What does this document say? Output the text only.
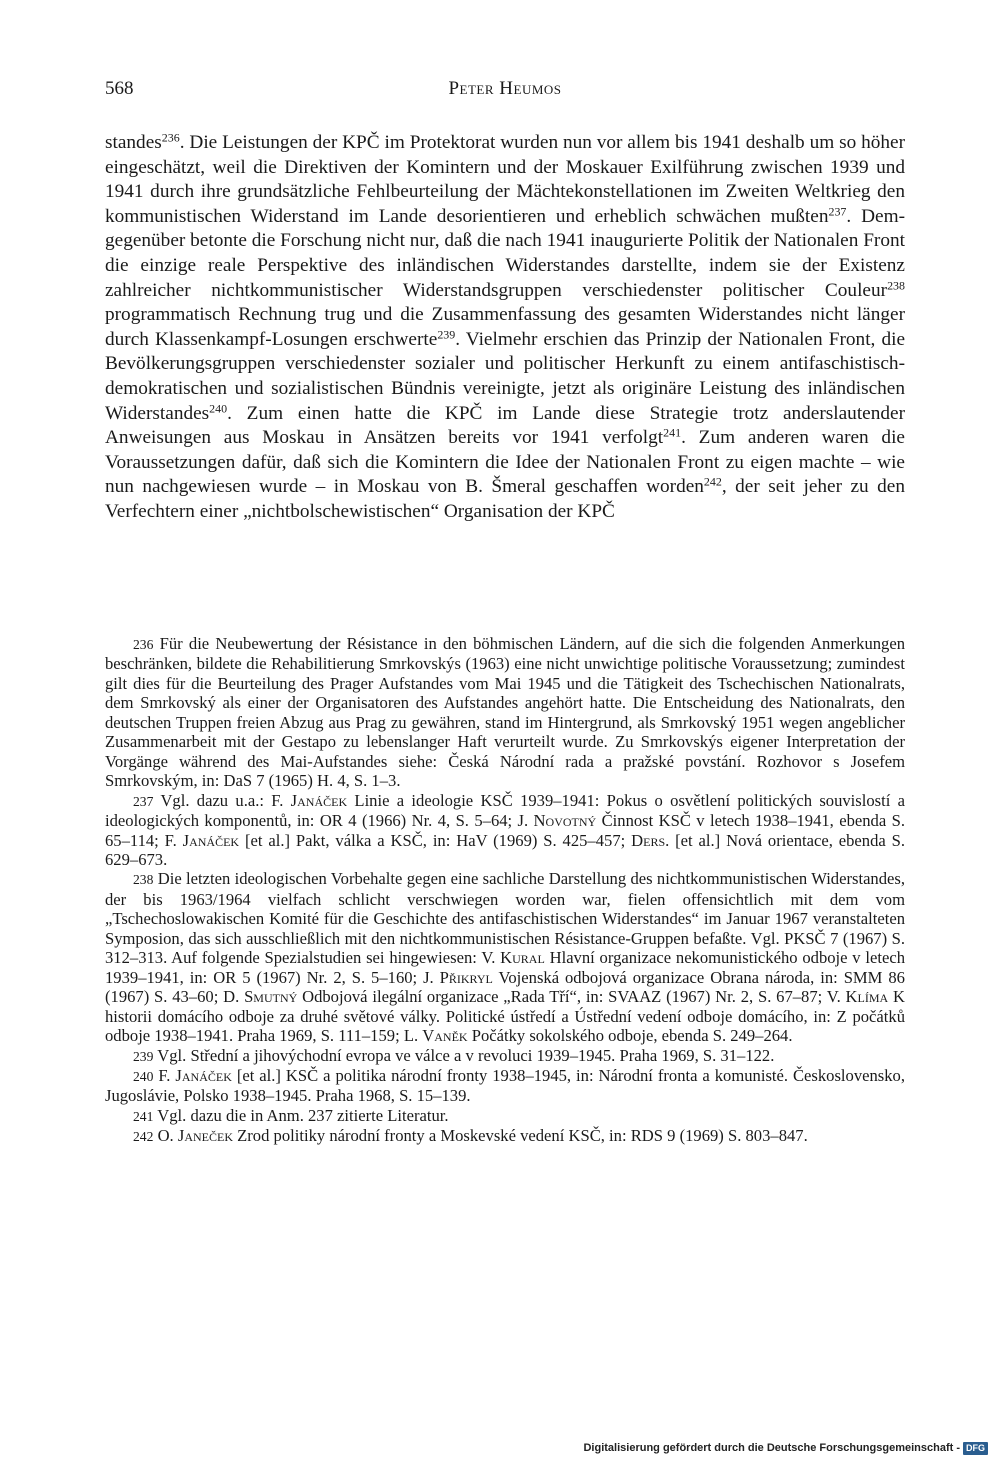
568	Peter Heumos

standes$^{236}$. Die Leistungen der KPČ im Protektorat wurden nun vor allem bis 1941 deshalb um so höher eingeschätzt, weil die Direktiven der Komintern und der Moskauer Exilführung zwischen 1939 und 1941 durch ihre grundsätzliche Fehlbeurteilung der Mächtekonstellationen im Zweiten Weltkrieg den kommunistischen Widerstand im Lande desorientieren und erheblich schwächen mußten$^{237}$. Demgegenüber betonte die Forschung nicht nur, daß die nach 1941 inaugurierte Politik der Nationalen Front die einzige reale Perspektive des inländischen Widerstandes darstellte, indem sie der Existenz zahlreicher nichtkommunistischer Widerstandsgruppen verschiedenster politischer Couleur$^{238}$ programmatisch Rechnung trug und die Zusammenfassung des gesamten Widerstandes nicht länger durch Klassenkampf-Losungen erschwerte$^{239}$. Vielmehr erschien das Prinzip der Nationalen Front, die Bevölkerungsgruppen verschiedenster sozialer und politischer Herkunft zu einem antifaschistisch-demokratischen und sozialistischen Bündnis vereinigte, jetzt als originäre Leistung des inländischen Widerstandes$^{240}$. Zum einen hatte die KPČ im Lande diese Strategie trotz anderslautender Anweisungen aus Moskau in Ansätzen bereits vor 1941 verfolgt$^{241}$. Zum anderen waren die Voraussetzungen dafür, daß sich die Komintern die Idee der Nationalen Front zu eigen machte – wie nun nachgewiesen wurde – in Moskau von B. Šmeral geschaffen worden$^{242}$, der seit jeher zu den Verfechtern einer „nichtbolschewistischen“ Organisation der KPČ

236 Für die Neubewertung der Résistance in den böhmischen Ländern, auf die sich die folgenden Anmerkungen beschränken, bildete die Rehabilitierung Smrkovskýs (1963) eine nicht unwichtige politische Voraussetzung; zumindest gilt dies für die Beurteilung des Prager Aufstandes vom Mai 1945 und die Tätigkeit des Tschechischen Nationalrats, dem Smrkovský als einer der Organisatoren des Aufstandes angehört hatte. Die Entscheidung des Nationalrats, den deutschen Truppen freien Abzug aus Prag zu gewähren, stand im Hintergrund, als Smrkovský 1951 wegen angeblicher Zusammenarbeit mit der Gestapo zu lebenslanger Haft verurteilt wurde. Zu Smrkovskýs eigener Interpretation der Vorgänge während des Mai-Aufstandes siehe: Česká Národní rada a pražské povstání. Rozhovor s Josefem Smrkovským, in: DaS 7 (1965) H. 4, S. 1–3.

237 Vgl. dazu u.a.: F. Janáček Linie a ideologie KSČ 1939–1941: Pokus o osvětlení politických souvislostí a ideologických komponentů, in: OR 4 (1966) Nr. 4, S. 5–64; J. Novotný Činnost KSČ v letech 1938–1941, ebenda S. 65–114; F. Janáček [et al.] Pakt, válka a KSČ, in: HaV (1969) S. 425–457; Ders. [et al.] Nová orientace, ebenda S. 629–673.

238 Die letzten ideologischen Vorbehalte gegen eine sachliche Darstellung des nichtkommunistischen Widerstandes, der bis 1963/1964 vielfach schlicht verschwiegen worden war, fielen offensichtlich mit dem vom „Tschechoslowakischen Komité für die Geschichte des antifaschistischen Widerstandes“ im Januar 1967 veranstalteten Symposion, das sich ausschließlich mit den nichtkommunistischen Résistance-Gruppen befaßte. Vgl. PKSČ 7 (1967) S. 312–313. Auf folgende Spezialstudien sei hingewiesen: V. Kural Hlavní organizace nekomunistického odboje v letech 1939–1941, in: OR 5 (1967) Nr. 2, S. 5–160; J. Přikryl Vojenská odbojová organizace Obrana národa, in: SMM 86 (1967) S. 43–60; D. Smutný Odbojová ilegální organizace „Rada Tří“, in: SVAAZ (1967) Nr. 2, S. 67–87; V. Klíma K historii domácího odboje za druhé světové války. Politické ústředí a Ústřední vedení odboje domácího, in: Z počátků odboje 1938–1941. Praha 1969, S. 111–159; L. Vaněk Počátky sokolského odboje, ebenda S. 249–264.

239 Vgl. Střední a jihovýchodní evropa ve válce a v revoluci 1939–1945. Praha 1969, S. 31–122.

240 F. Janáček [et al.] KSČ a politika národní fronty 1938–1945, in: Národní fronta a komunisté. Československo, Jugoslávie, Polsko 1938–1945. Praha 1968, S. 15–139.

241 Vgl. dazu die in Anm. 237 zitierte Literatur.

242 O. Janeček Zrod politiky národní fronty a Moskevské vedení KSČ, in: RDS 9 (1969) S. 803–847.

Digitalisierung gefördert durch die Deutsche Forschungsgemeinschaft - DFG
